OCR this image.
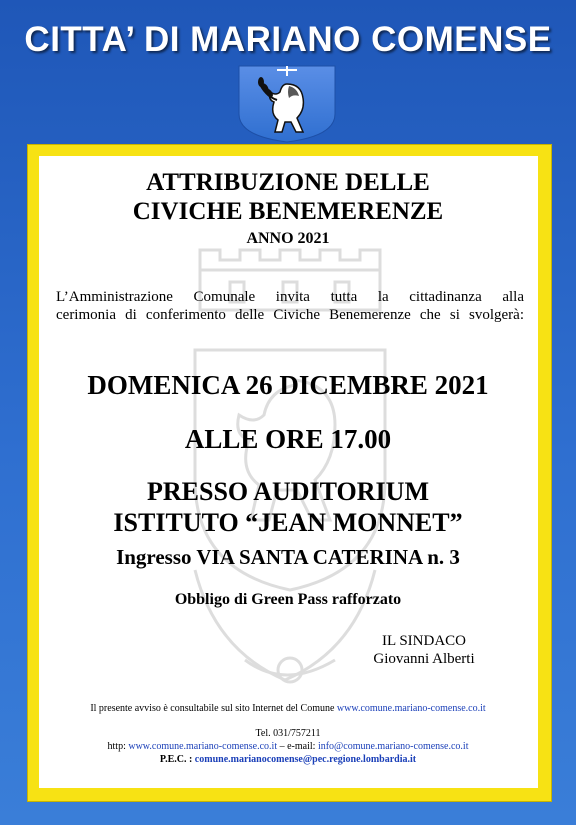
CITTA’ DI MARIANO COMENSE
ATTRIBUZIONE DELLE
CIVICHE BENEMERENZE
ANNO 2021
L’Amministrazione Comunale invita tutta la cittadinanza alla
cerimonia di conferimento delle Civiche Benemerenze che si svolgerà:
DOMENICA 26 DICEMBRE 2021
ALLE ORE 17.00
PRESSO AUDITORIUM
ISTITUTO “JEAN MONNET”
Ingresso VIA SANTA CATERINA n. 3
Obbligo di Green Pass rafforzato
IL SINDACO
Giovanni Alberti
Il presente avviso è consultabile sul sito Internet del Comune www.comune.mariano-comense.co.it
Tel. 031/757211
http: www.comune.mariano-comense.co.it – e-mail: info@comune.mariano-comense.co.it
P.E.C. : comune.marianocomense@pec.regione.lombardia.it
